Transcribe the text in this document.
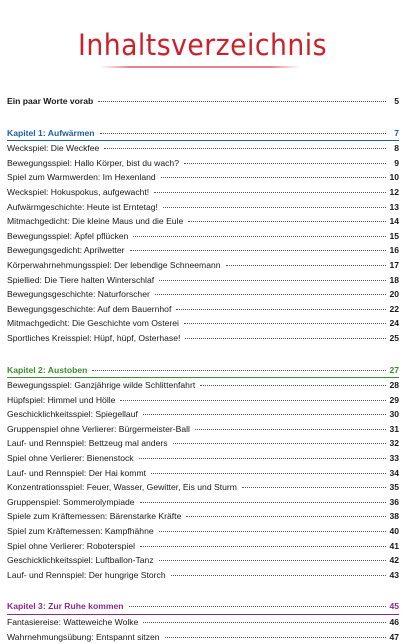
Inhaltsverzeichnis
Ein paar Worte vorab	5
Kapitel 1: Aufwärmen	7
Weckspiel: Die Weckfee	8
Bewegungsspiel: Hallo Körper, bist du wach?	9
Spiel zum Warmwerden: Im Hexenland	10
Weckspiel: Hokuspokus, aufgewacht!	12
Aufwärmgeschichte: Heute ist Erntetag!	13
Mitmachgedicht: Die kleine Maus und die Eule	14
Bewegungsspiel: Äpfel pflücken	15
Bewegungsgedicht: Aprilwetter	16
Körperwahrnehmungsspiel: Der lebendige Schneemann	17
Spiellied: Die Tiere halten Winterschlaf	18
Bewegungsgeschichte: Naturforscher	20
Bewegungsgeschichte: Auf dem Bauernhof	22
Mitmachgedicht: Die Geschichte vom Osterei	24
Sportliches Kreisspiel: Hüpf, hüpf, Osterhase!	25
Kapitel 2: Austoben	27
Bewegungsspiel: Ganzjährige wilde Schlittenfahrt	28
Hüpfspiel: Himmel und Hölle	29
Geschicklichkeitsspiel: Spiegellauf	30
Gruppenspiel ohne Verlierer: Bürgermeister-Ball	31
Lauf- und Rennspiel: Bettzeug mal anders	32
Spiel ohne Verlierer: Bienenstock	33
Lauf- und Rennspiel: Der Hai kommt	34
Konzentrationsspiel: Feuer, Wasser, Gewitter, Eis und Sturm	35
Gruppenspiel: Sommerolympiade	36
Spiele zum Kräftemessen: Bärenstarke Kräfte	38
Spiel zum Kräftemessen: Kampfhähne	40
Spiel ohne Verlierer: Roboterspiel	41
Geschicklichkeitsspiel: Luftballon-Tanz	42
Lauf- und Rennspiel: Der hungrige Storch	43
Kapitel 3: Zur Ruhe kommen	45
Fantasiereise: Watteweiche Wolke	46
Wahrnehmungsübung: Entspannt sitzen	47
